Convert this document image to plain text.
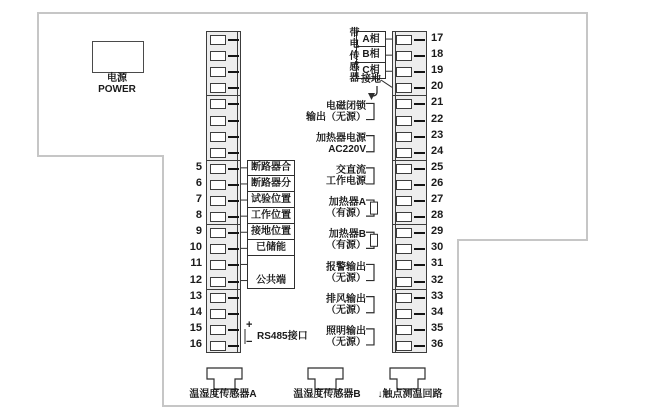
电源
POWER
5
6
7
8
9
10
11
12
13
14
15
16
17
18
19
20
21
22
23
24
25
26
27
28
29
30
31
32
33
34
35
36
断路器合
断路器分
试验位置
工作位置
接地位置
已储能
公共端
A相
B相
C相
电磁闭锁
输出（无源）
加热器电源
AC220V
交直流
工作电源
加热器A
（有源）
加热器B
（有源）
报警输出
（无源）
排风输出
（无源）
照明输出
（无源）
带电传感器 接地
+
− RS485接口
温湿度传感器A	温湿度传感器B	↓触点测温回路
